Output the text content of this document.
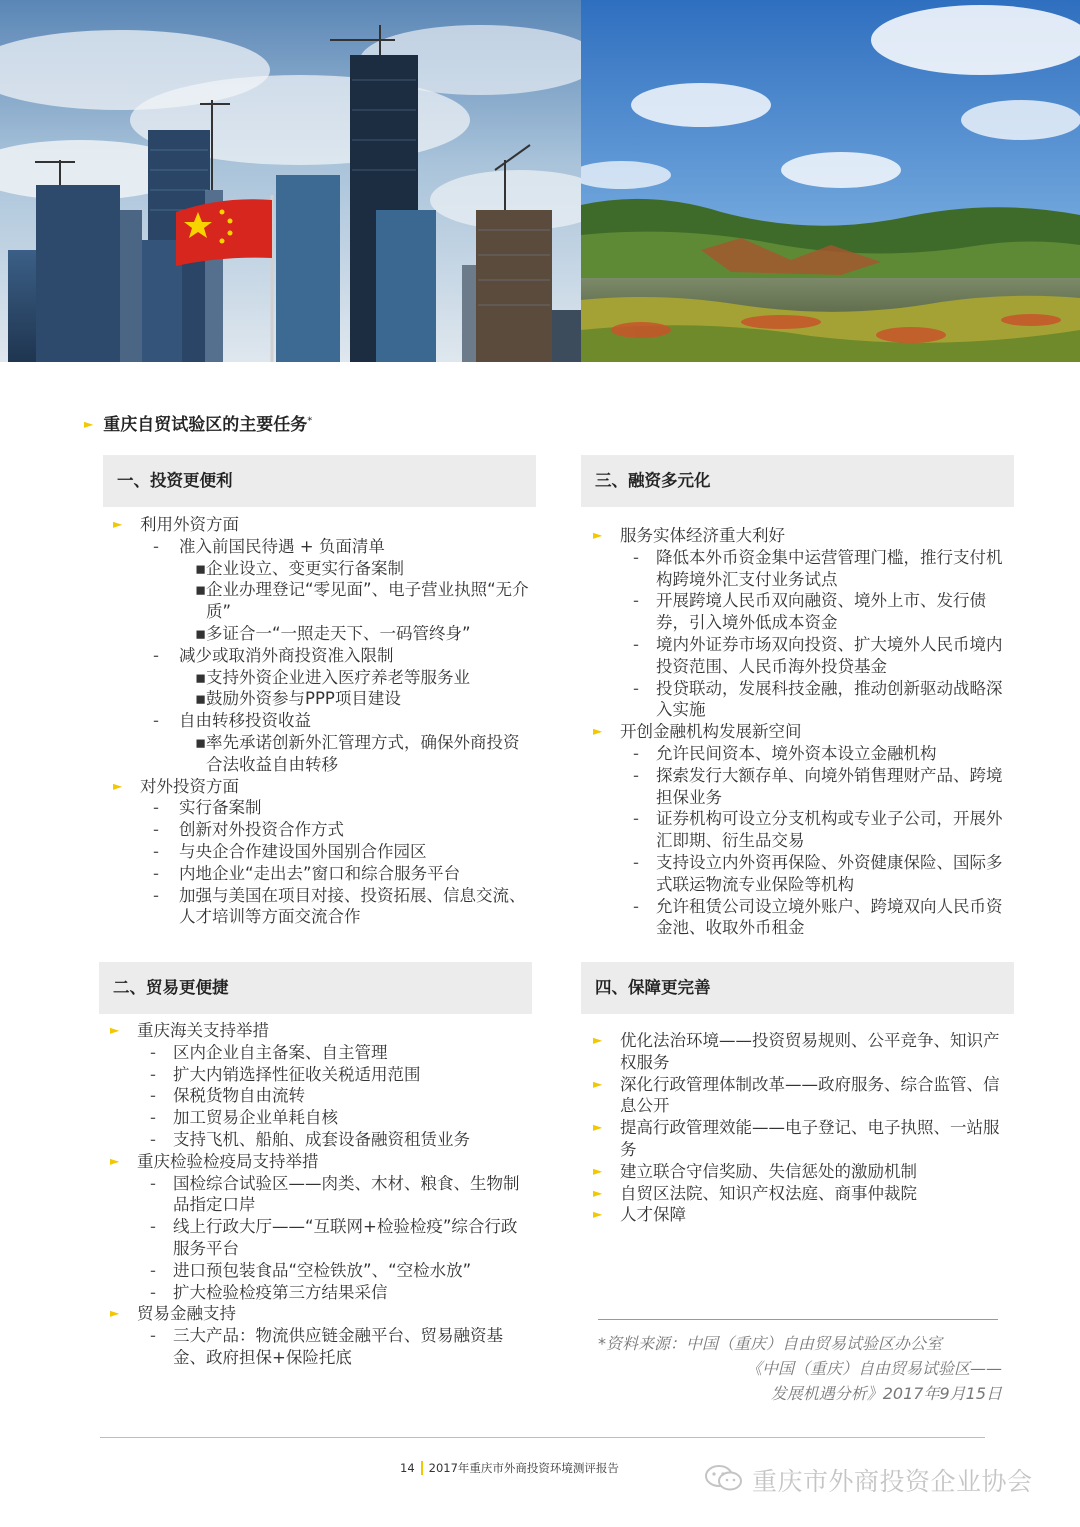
► 重庆自贸试验区的主要任务*
一、投资更便利
► 利用外资方面
- 准入前国民待遇 + 负面清单
▪ 企业设立、变更实行备案制
▪ 企业办理登记“零见面”、电子营业执照“无介质”
▪ 多证合一“一照走天下、一码管终身”
- 减少或取消外商投资准入限制
▪ 支持外资企业进入医疗养老等服务业
▪ 鼓励外资参与PPP项目建设
- 自由转移投资收益
▪ 率先承诺创新外汇管理方式，确保外商投资合法收益自由转移
► 对外投资方面
- 实行备案制
- 创新对外投资合作方式
- 与央企合作建设国外国别合作园区
- 内地企业“走出去”窗口和综合服务平台
- 加强与美国在项目对接、投资拓展、信息交流、人才培训等方面交流合作
三、融资多元化
► 服务实体经济重大利好
- 降低本外币资金集中运营管理门槛，推行支付机构跨境外汇支付业务试点
- 开展跨境人民币双向融资、境外上市、发行债券，引入境外低成本资金
- 境内外证券市场双向投资、扩大境外人民币境内投资范围、人民币海外投贷基金
- 投贷联动，发展科技金融，推动创新驱动战略深入实施
► 开创金融机构发展新空间
- 允许民间资本、境外资本设立金融机构
- 探索发行大额存单、向境外销售理财产品、跨境担保业务
- 证券机构可设立分支机构或专业子公司，开展外汇即期、衍生品交易
- 支持设立内外资再保险、外资健康保险、国际多式联运物流专业保险等机构
- 允许租赁公司设立境外账户、跨境双向人民币资金池、收取外币租金
二、贸易更便捷
► 重庆海关支持举措
- 区内企业自主备案、自主管理
- 扩大内销选择性征收关税适用范围
- 保税货物自由流转
- 加工贸易企业单耗自核
- 支持飞机、船舶、成套设备融资租赁业务
► 重庆检验检疫局支持举措
- 国检综合试验区——肉类、木材、粮食、生物制品指定口岸
- 线上行政大厅——“互联网+检验检疫”综合行政服务平台
- 进口预包装食品“空检铁放”、“空检水放”
- 扩大检验检疫第三方结果采信
► 贸易金融支持
- 三大产品：物流供应链金融平台、贸易融资基金、政府担保+保险托底
四、保障更完善
► 优化法治环境——投资贸易规则、公平竞争、知识产权服务
► 深化行政管理体制改革——政府服务、综合监管、信息公开
► 提高行政管理效能——电子登记、电子执照、一站服务
► 建立联合守信奖励、失信惩处的激励机制
► 自贸区法院、知识产权法庭、商事仲裁院
► 人才保障
*资料来源：中国（重庆）自由贸易试验区办公室
《中国（重庆）自由贸易试验区——
发展机遇分析》2017年9月15日
14 2017年重庆市外商投资环境测评报告	重庆市外商投资企业协会
